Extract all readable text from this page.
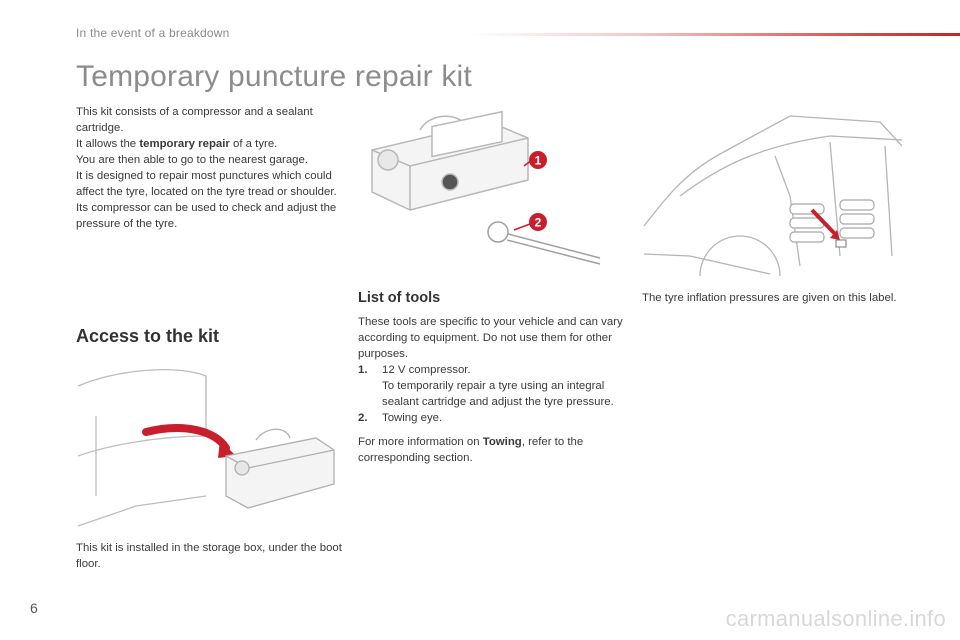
In the event of a breakdown
Temporary puncture repair kit

This kit consists of a compressor and a sealant cartridge.

It allows the temporary repair of a tyre.

You are then able to go to the nearest garage.

It is designed to repair most punctures which could affect the tyre, located on the tyre tread or shoulder.

Its compressor can be used to check and adjust the pressure of the tyre.

1
2
Access to the kit

This kit is installed in the storage box, under the boot floor.

List of tools

These tools are specific to your vehicle and can vary according to equipment. Do not use them for other purposes.

1.	12 V compressor.
To temporarily repair a tyre using an integral sealant cartridge and adjust the tyre pressure.
2.	Towing eye.

For more information on Towing, refer to the corresponding section.

The tyre inflation pressures are given on this label.

6	carmanualsonline.info
